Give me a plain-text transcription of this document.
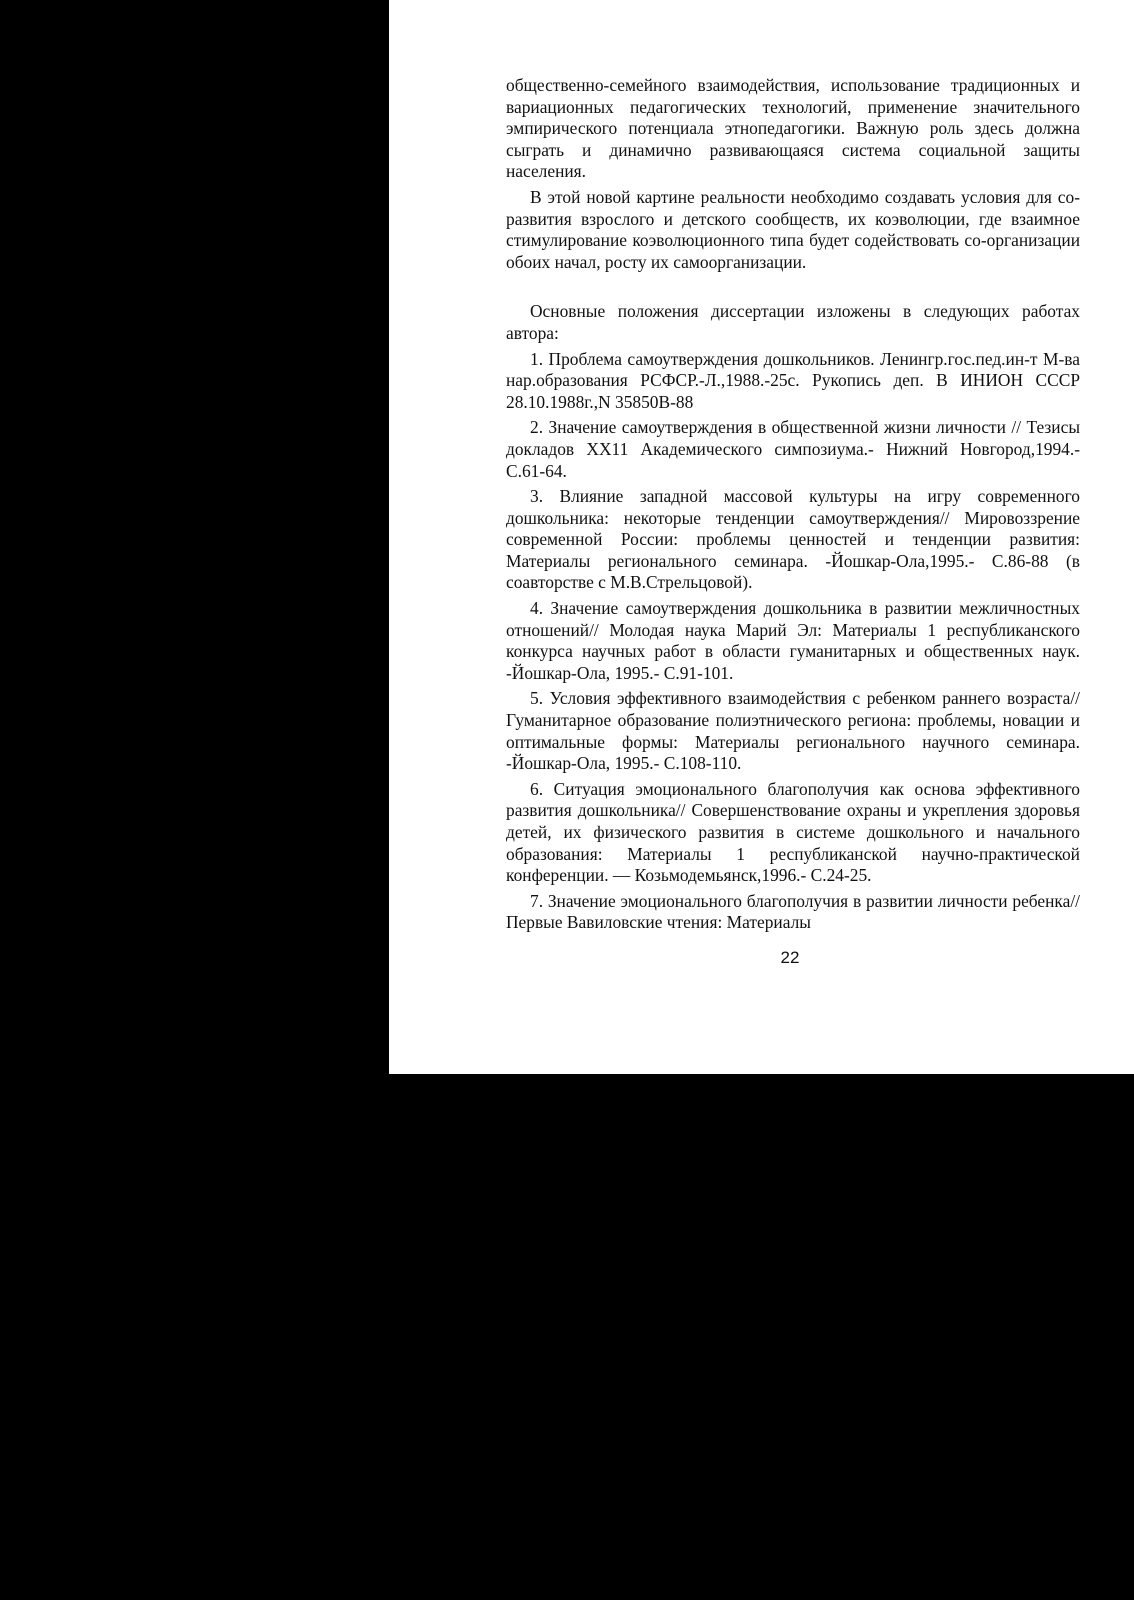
общественно-семейного взаимодействия, использование традиционных и вариационных педагогических технологий, применение значительного эмпирического потенциала этнопедагогики. Важную роль здесь должна сыграть и динамично развивающаяся система социальной защиты населения.

В этой новой картине реальности необходимо создавать условия для со-развития взрослого и детского сообществ, их коэволюции, где взаимное стимулирование коэволюционного типа будет содействовать со-организации обоих начал, росту их самоорганизации.

Основные положения диссертации изложены в следующих работах автора:

1. Проблема самоутверждения дошкольников. Ленингр.гос.пед.ин-т М-ва нар.образования РСФСР.-Л.,1988.-25с. Рукопись деп. В ИНИОН СССР 28.10.1988г.,N 35850В-88

2. Значение самоутверждения в общественной жизни личности // Тезисы докладов XX11 Академического симпозиума.- Нижний Новгород,1994.- С.61-64.

3. Влияние западной массовой культуры на игру современного дошкольника: некоторые тенденции самоутверждения// Мировоззрение современной России: проблемы ценностей и тенденции развития: Материалы регионального семинара. -Йошкар-Ола,1995.- С.86-88 (в соавторстве с М.В.Стрельцовой).

4. Значение самоутверждения дошкольника в развитии межличностных отношений// Молодая наука Марий Эл: Материалы 1 республиканского конкурса научных работ в области гуманитарных и общественных наук. -Йошкар-Ола, 1995.- С.91-101.

5. Условия эффективного взаимодействия с ребенком раннего возраста// Гуманитарное образование полиэтнического региона: проблемы, новации и оптимальные формы: Материалы регионального научного семинара. -Йошкар-Ола, 1995.- С.108-110.

6. Ситуация эмоционального благополучия как основа эффективного развития дошкольника// Совершенствование охраны и укрепления здоровья детей, их физического развития в системе дошкольного и начального образования: Материалы 1 республиканской научно-практической конференции. — Козьмодемьянск,1996.- С.24-25.

7. Значение эмоционального благополучия в развитии личности ребенка//Первые Вавиловские чтения: Материалы

22
